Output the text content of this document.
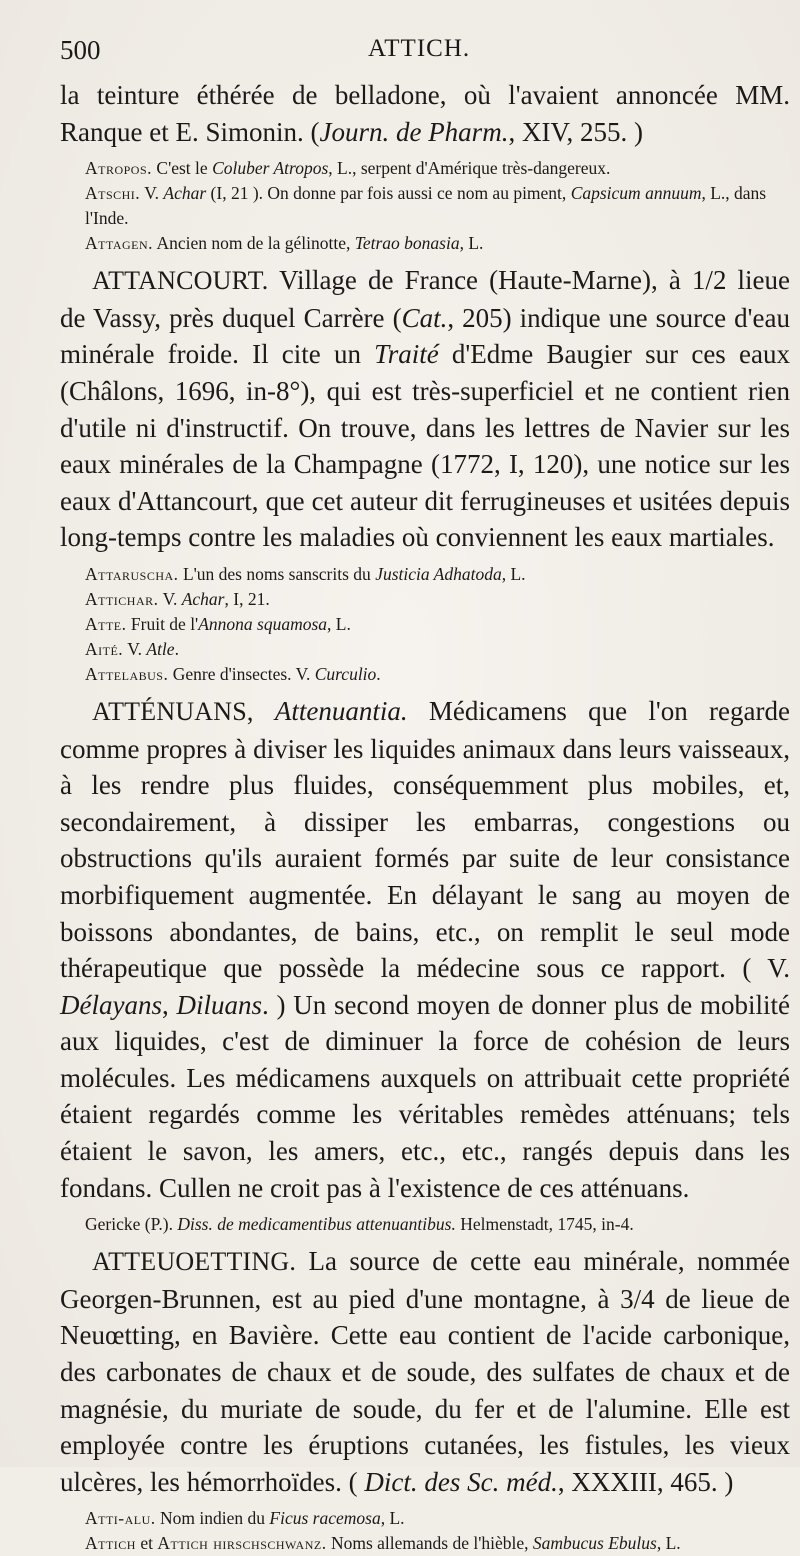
500	ATTICH.

la teinture éthérée de belladone, où l'avaient annoncée MM. Ranque et E. Simonin. (Journ. de Pharm., XIV, 255. )

Atropos. C'est le Coluber Atropos, L., serpent d'Amérique très-dangereux.

Atschi. V. Achar (I, 21 ). On donne par fois aussi ce nom au piment, Capsicum annuum, L., dans l'Inde.

Attagen. Ancien nom de la gélinotte, Tetrao bonasia, L.

ATTANCOURT. Village de France (Haute-Marne), à 1/2 lieue de Vassy, près duquel Carrère (Cat., 205) indique une source d'eau minérale froide. Il cite un Traité d'Edme Baugier sur ces eaux (Châlons, 1696, in-8°), qui est très-superficiel et ne contient rien d'utile ni d'instructif. On trouve, dans les lettres de Navier sur les eaux minérales de la Champagne (1772, I, 120), une notice sur les eaux d'Attancourt, que cet auteur dit ferrugineuses et usitées depuis long-temps contre les maladies où conviennent les eaux martiales.

Attaruscha. L'un des noms sanscrits du Justicia Adhatoda, L.

Attichar. V. Achar, I, 21.

Atte. Fruit de l'Annona squamosa, L.

Aité. V. Atle.

Attelabus. Genre d'insectes. V. Curculio.

ATTÉNUANS, Attenuantia. Médicamens que l'on regarde comme propres à diviser les liquides animaux dans leurs vaisseaux, à les rendre plus fluides, conséquemment plus mobiles, et, secondairement, à dissiper les embarras, congestions ou obstructions qu'ils auraient formés par suite de leur consistance morbifiquement augmentée. En délayant le sang au moyen de boissons abondantes, de bains, etc., on remplit le seul mode thérapeutique que possède la médecine sous ce rapport. ( V. Délayans, Diluans. ) Un second moyen de donner plus de mobilité aux liquides, c'est de diminuer la force de cohésion de leurs molécules. Les médicamens auxquels on attribuait cette propriété étaient regardés comme les véritables remèdes atténuans; tels étaient le savon, les amers, etc., etc., rangés depuis dans les fondans. Cullen ne croit pas à l'existence de ces atténuans.

Gericke (P.). Diss. de medicamentibus attenuantibus. Helmenstadt, 1745, in-4.

ATTEUOETTING. La source de cette eau minérale, nommée Georgen-Brunnen, est au pied d'une montagne, à 3/4 de lieue de Neuœtting, en Bavière. Cette eau contient de l'acide carbonique, des carbonates de chaux et de soude, des sulfates de chaux et de magnésie, du muriate de soude, du fer et de l'alumine. Elle est employée contre les éruptions cutanées, les fistules, les vieux ulcères, les hémorrhoïdes. ( Dict. des Sc. méd., XXXIII, 465. )

Atti-alu. Nom indien du Ficus racemosa, L.

Attich et Attich hirschschwanz. Noms allemands de l'hièble, Sambucus Ebulus, L.
